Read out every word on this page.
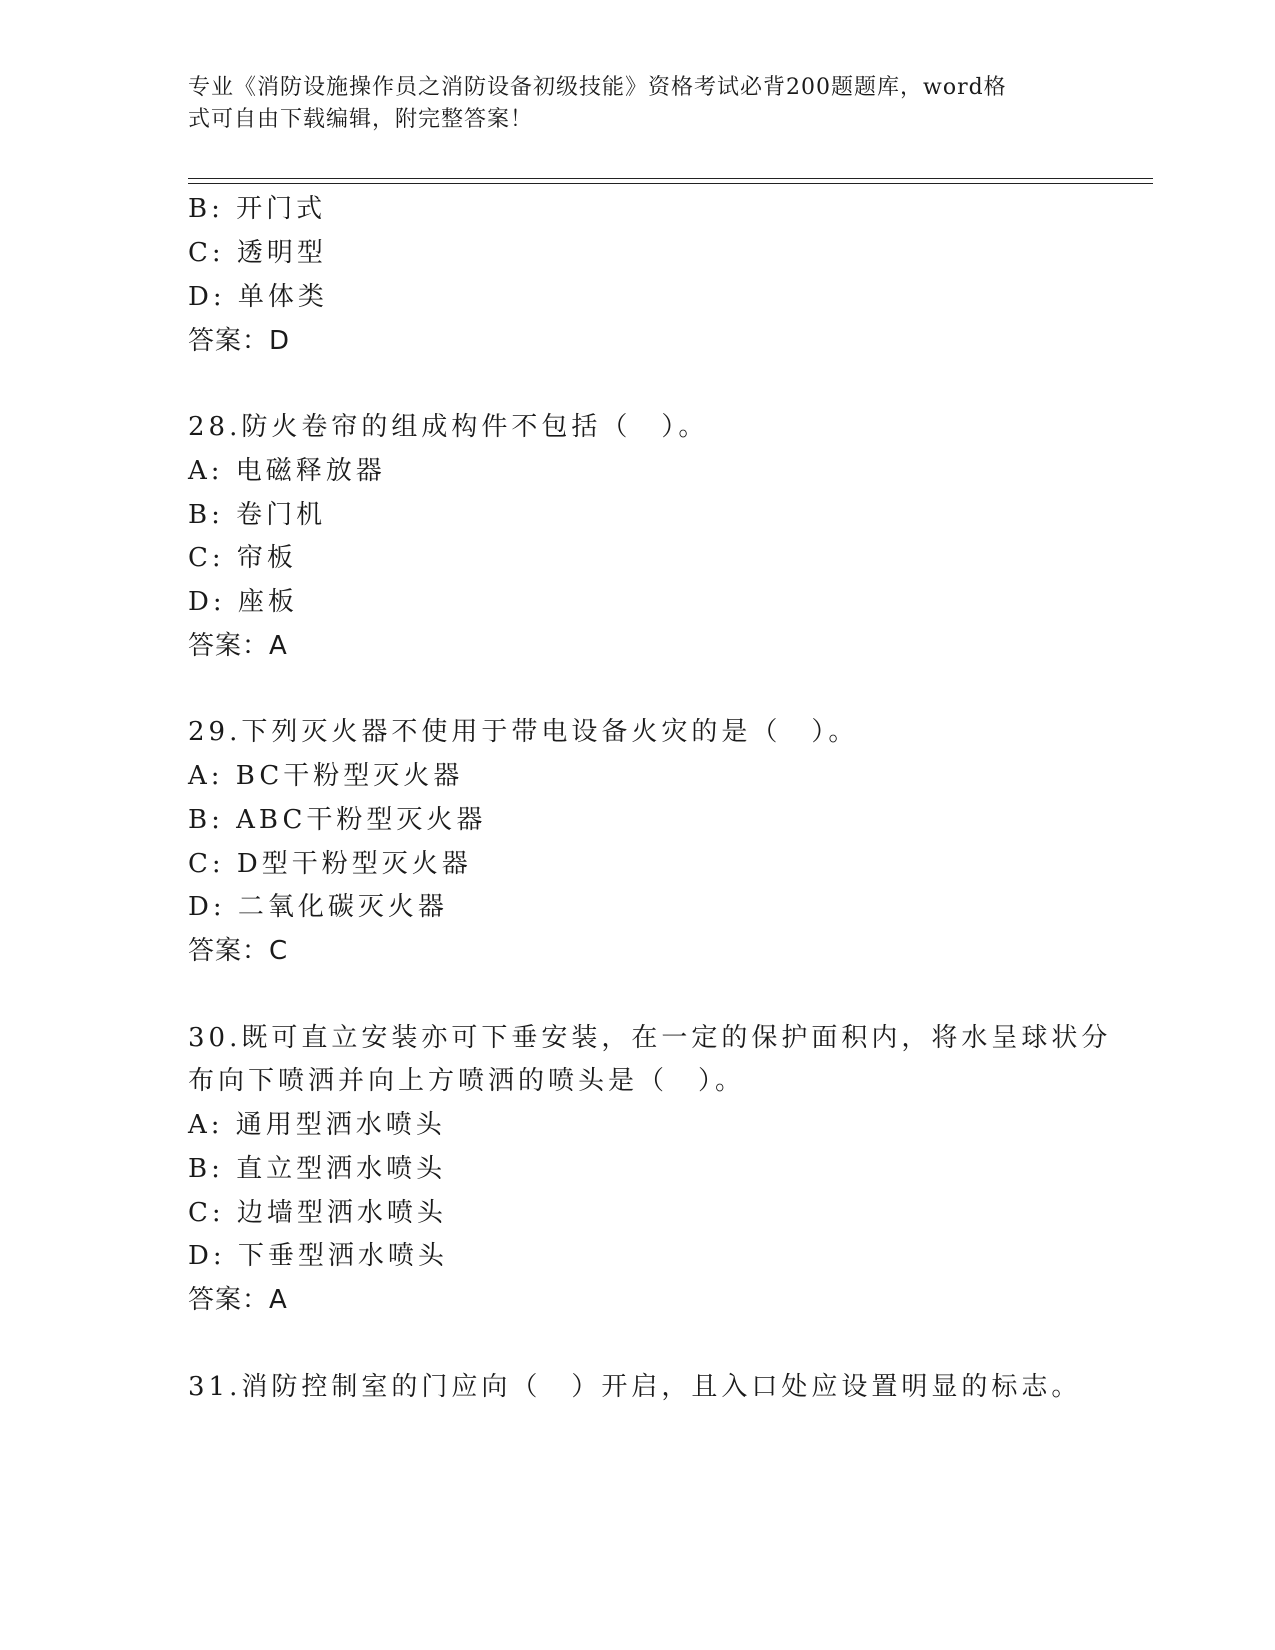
专业《消防设施操作员之消防设备初级技能》资格考试必背200题题库，word格
式可自由下载编辑，附完整答案！
B: 开门式
C: 透明型
D: 单体类
答案：D
28.防火卷帘的组成构件不包括（　）。
A: 电磁释放器
B: 卷门机
C: 帘板
D: 座板
答案：A
29.下列灭火器不使用于带电设备火灾的是（　）。
A: BC干粉型灭火器
B: ABC干粉型灭火器
C: D型干粉型灭火器
D: 二氧化碳灭火器
答案：C
30.既可直立安装亦可下垂安装，在一定的保护面积内，将水呈球状分
布向下喷洒并向上方喷洒的喷头是（　）。
A: 通用型洒水喷头
B: 直立型洒水喷头
C: 边墙型洒水喷头
D: 下垂型洒水喷头
答案：A
31.消防控制室的门应向（　）开启，且入口处应设置明显的标志。
